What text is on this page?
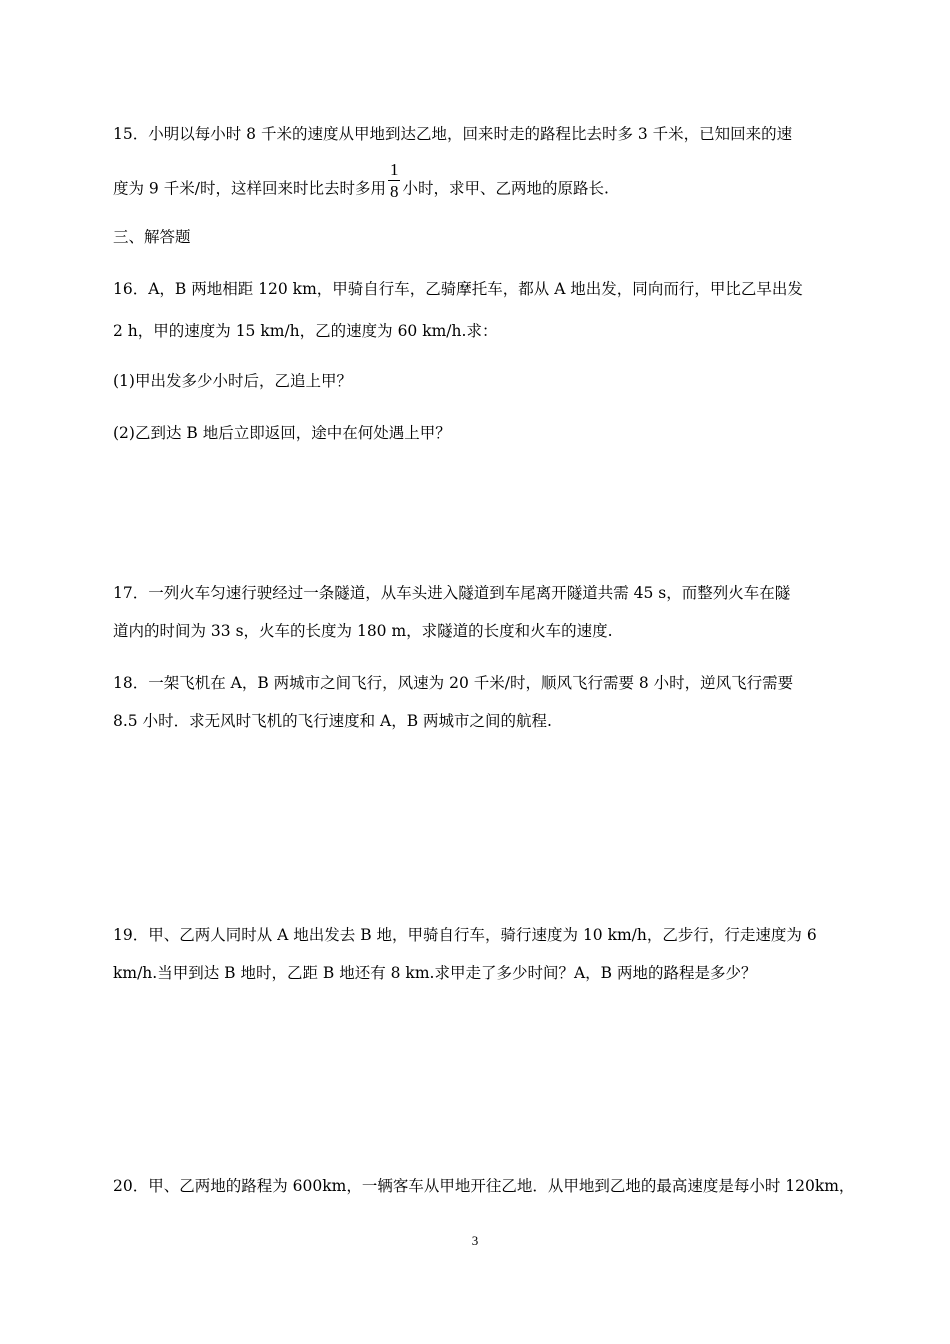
15．小明以每小时 8 千米的速度从甲地到达乙地，回来时走的路程比去时多 3 千米，已知回来的速
度为 9 千米/时，这样回来时比去时多用 $\frac{1}{8}$ 小时，求甲、乙两地的原路长.
三、解答题
16．A，B 两地相距 120 km，甲骑自行车，乙骑摩托车，都从 A 地出发，同向而行，甲比乙早出发
2 h，甲的速度为 15 km/h，乙的速度为 60 km/h.求：
(1)甲出发多少小时后，乙追上甲？
(2)乙到达 B 地后立即返回，途中在何处遇上甲？
17．一列火车匀速行驶经过一条隧道，从车头进入隧道到车尾离开隧道共需 45 s，而整列火车在隧
道内的时间为 33 s，火车的长度为 180 m，求隧道的长度和火车的速度.
18．一架飞机在 A，B 两城市之间飞行，风速为 20 千米/时，顺风飞行需要 8 小时，逆风飞行需要
8.5 小时．求无风时飞机的飞行速度和 A，B 两城市之间的航程.
19．甲、乙两人同时从 A 地出发去 B 地，甲骑自行车，骑行速度为 10 km/h，乙步行，行走速度为 6
km/h.当甲到达 B 地时，乙距 B 地还有 8 km.求甲走了多少时间？A，B 两地的路程是多少？
20．甲、乙两地的路程为 600km，一辆客车从甲地开往乙地．从甲地到乙地的最高速度是每小时 120km，
3
